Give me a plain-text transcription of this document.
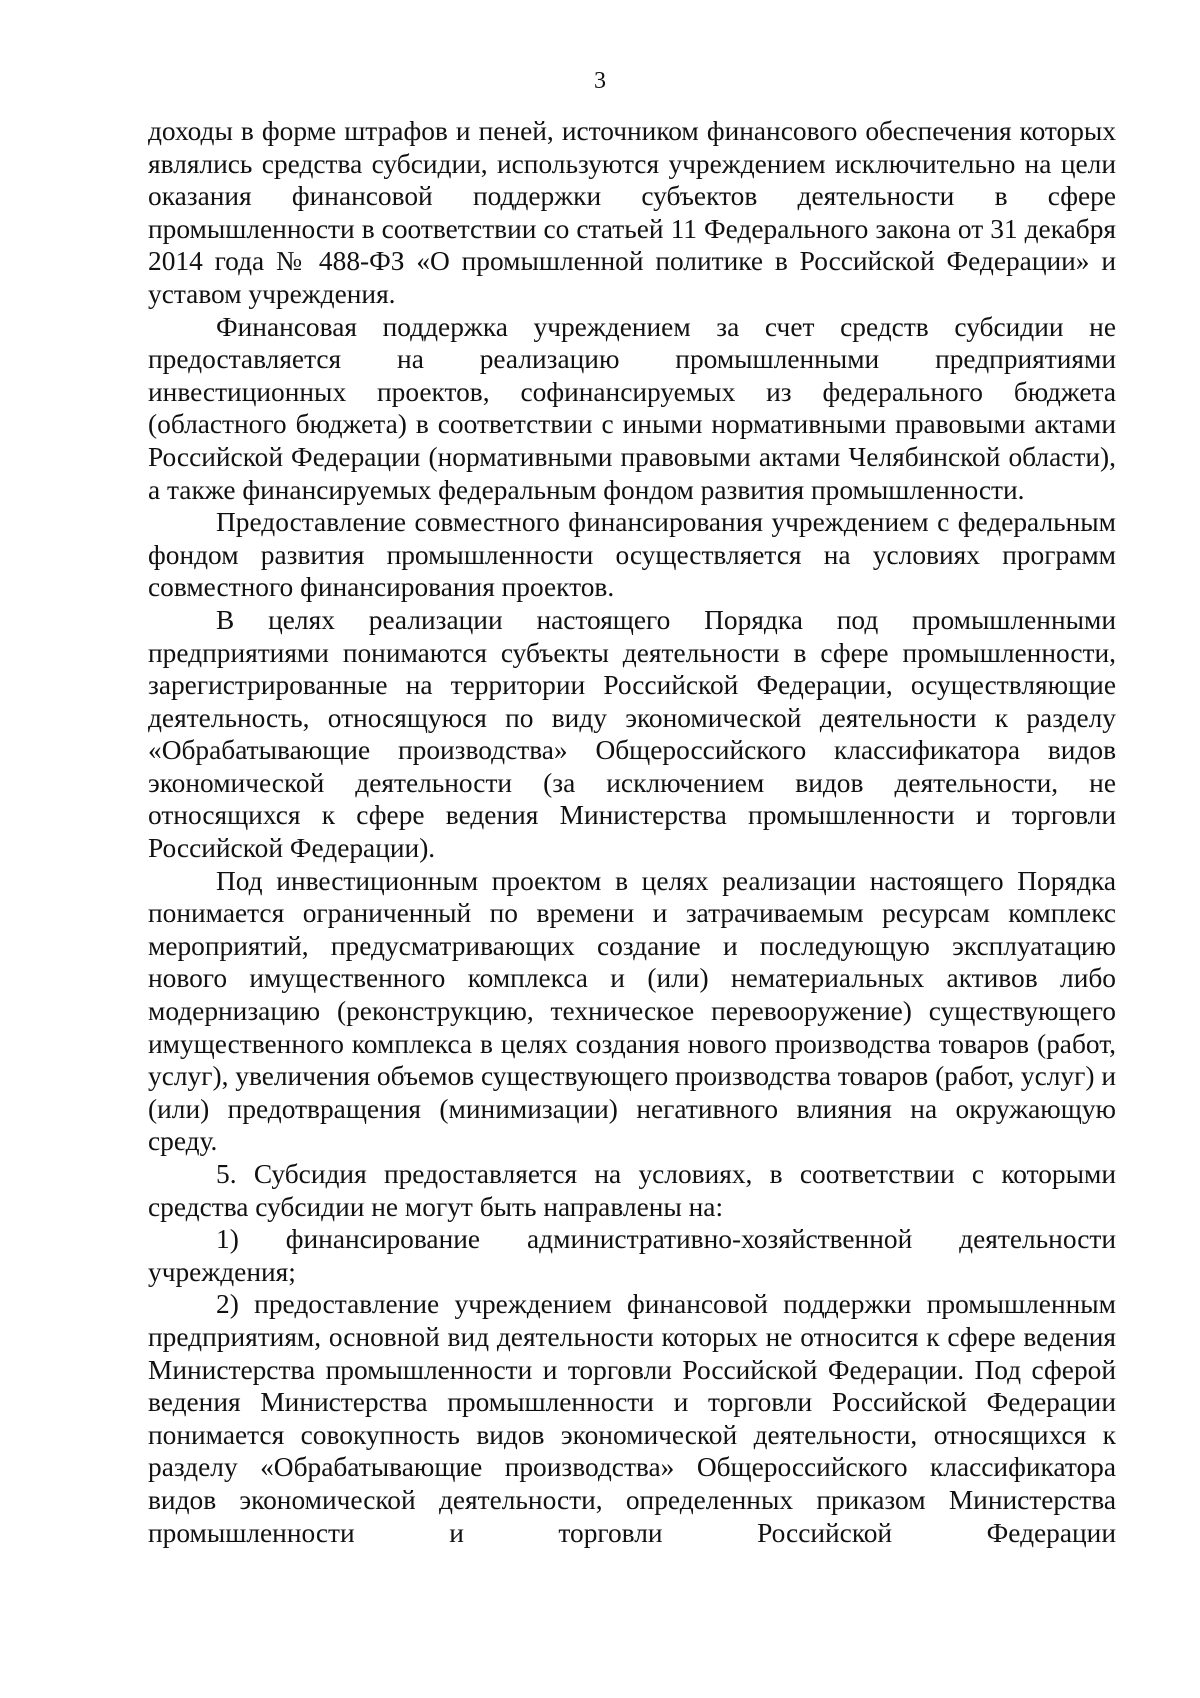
3

доходы в форме штрафов и пеней, источником финансового обеспечения которых являлись средства субсидии, используются учреждением исключительно на цели оказания финансовой поддержки субъектов деятельности в сфере промышленности в соответствии со статьей 11 Федерального закона от 31 декабря 2014 года № 488-ФЗ «О промышленной политике в Российской Федерации» и уставом учреждения.

Финансовая поддержка учреждением за счет средств субсидии не предоставляется на реализацию промышленными предприятиями инвестиционных проектов, софинансируемых из федерального бюджета (областного бюджета) в соответствии с иными нормативными правовыми актами Российской Федерации (нормативными правовыми актами Челябинской области), а также финансируемых федеральным фондом развития промышленности.

Предоставление совместного финансирования учреждением с федеральным фондом развития промышленности осуществляется на условиях программ совместного финансирования проектов.

В целях реализации настоящего Порядка под промышленными предприятиями понимаются субъекты деятельности в сфере промышленности, зарегистрированные на территории Российской Федерации, осуществляющие деятельность, относящуюся по виду экономической деятельности к разделу «Обрабатывающие производства» Общероссийского классификатора видов экономической деятельности (за исключением видов деятельности, не относящихся к сфере ведения Министерства промышленности и торговли Российской Федерации).

Под инвестиционным проектом в целях реализации настоящего Порядка понимается ограниченный по времени и затрачиваемым ресурсам комплекс мероприятий, предусматривающих создание и последующую эксплуатацию нового имущественного комплекса и (или) нематериальных активов либо модернизацию (реконструкцию, техническое перевооружение) существующего имущественного комплекса в целях создания нового производства товаров (работ, услуг), увеличения объемов существующего производства товаров (работ, услуг) и (или) предотвращения (минимизации) негативного влияния на окружающую среду.

5. Субсидия предоставляется на условиях, в соответствии с которыми средства субсидии не могут быть направлены на:

1) финансирование административно-хозяйственной деятельности учреждения;

2) предоставление учреждением финансовой поддержки промышленным предприятиям, основной вид деятельности которых не относится к сфере ведения Министерства промышленности и торговли Российской Федерации. Под сферой ведения Министерства промышленности и торговли Российской Федерации понимается совокупность видов экономической деятельности, относящихся к разделу «Обрабатывающие производства» Общероссийского классификатора видов экономической деятельности, определенных приказом Министерства промышленности и торговли Российской Федерации
